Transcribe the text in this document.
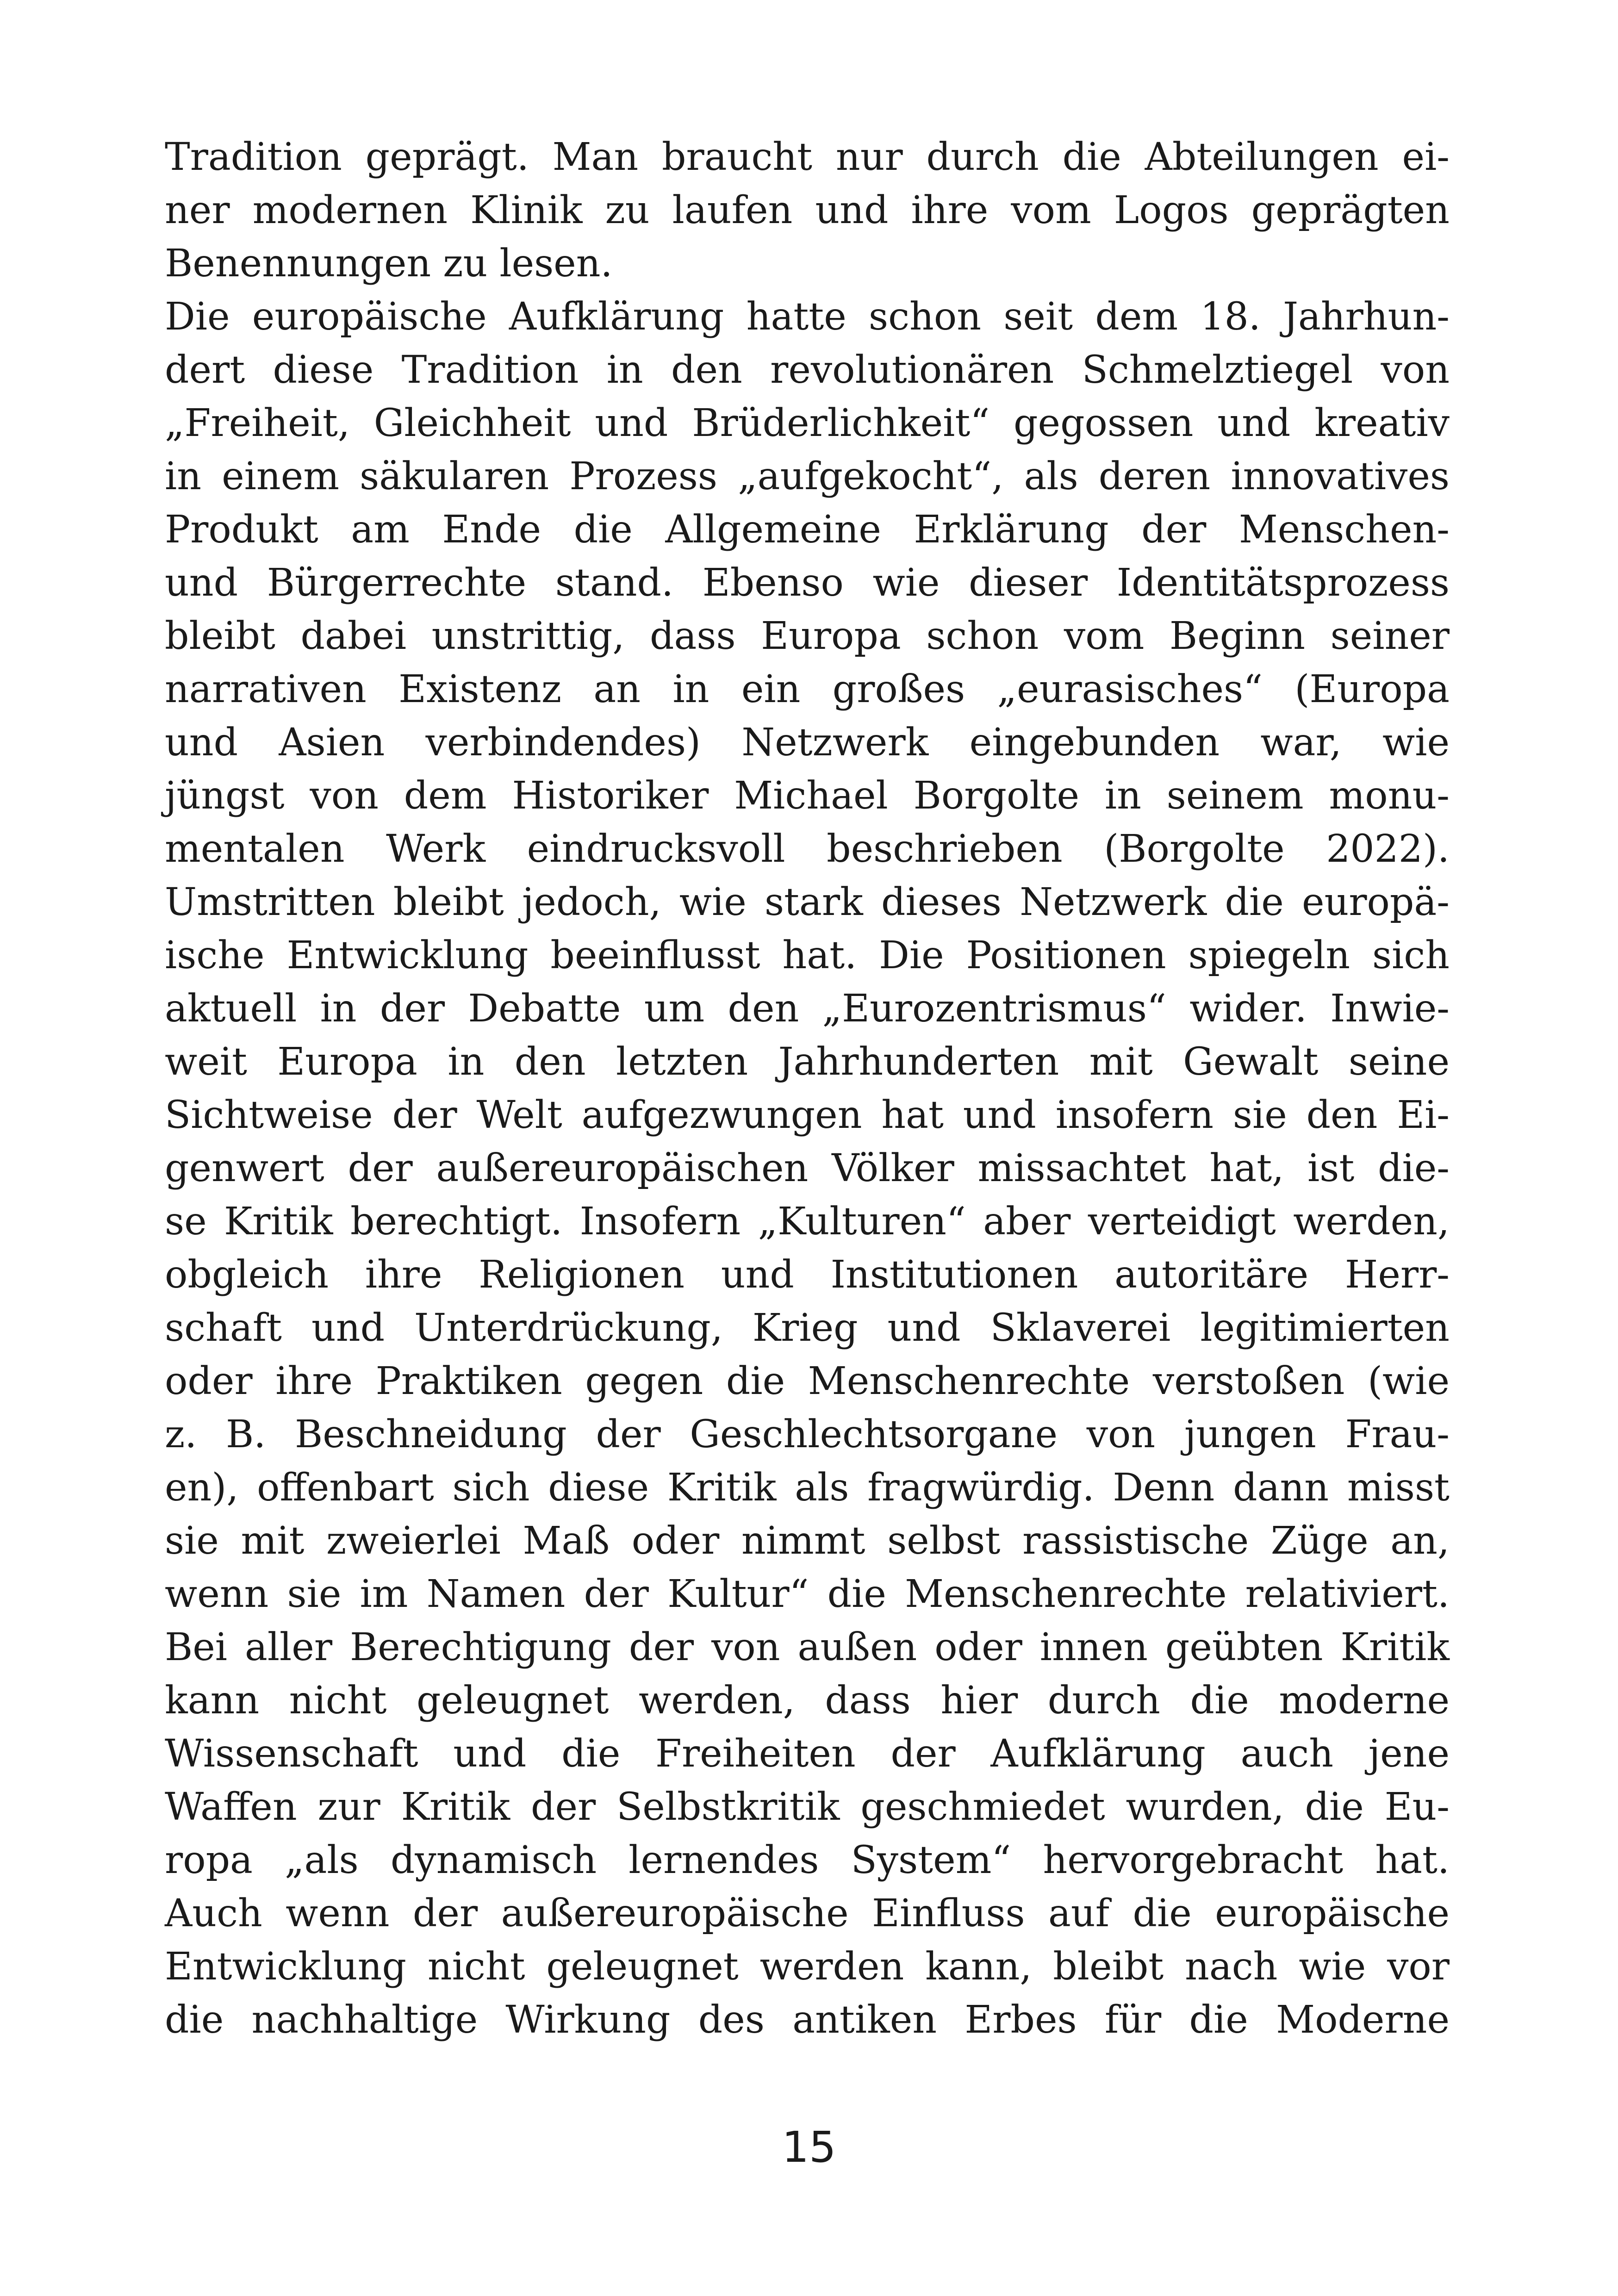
Tradition geprägt. Man braucht nur durch die Abteilungen ei-
ner modernen Klinik zu laufen und ihre vom Logos geprägten
Benennungen zu lesen.
Die europäische Aufklärung hatte schon seit dem 18. Jahrhun-
dert diese Tradition in den revolutionären Schmelztiegel von
„Freiheit, Gleichheit und Brüderlichkeit“ gegossen und kreativ
in einem säkularen Prozess „aufgekocht“, als deren innovatives
Produkt am Ende die Allgemeine Erklärung der Menschen-
und Bürgerrechte stand. Ebenso wie dieser Identitätsprozess
bleibt dabei unstrittig, dass Europa schon vom Beginn seiner
narrativen Existenz an in ein großes „eurasisches“ (Europa
und Asien verbindendes) Netzwerk eingebunden war, wie
jüngst von dem Historiker Michael Borgolte in seinem monu-
mentalen Werk eindrucksvoll beschrieben (Borgolte 2022).
Umstritten bleibt jedoch, wie stark dieses Netzwerk die europä-
ische Entwicklung beeinflusst hat. Die Positionen spiegeln sich
aktuell in der Debatte um den „Eurozentrismus“ wider. Inwie-
weit Europa in den letzten Jahrhunderten mit Gewalt seine
Sichtweise der Welt aufgezwungen hat und insofern sie den Ei-
genwert der außereuropäischen Völker missachtet hat, ist die-
se Kritik berechtigt. Insofern „Kulturen“ aber verteidigt werden,
obgleich ihre Religionen und Institutionen autoritäre Herr-
schaft und Unterdrückung, Krieg und Sklaverei legitimierten
oder ihre Praktiken gegen die Menschenrechte verstoßen (wie
z. B. Beschneidung der Geschlechtsorgane von jungen Frau-
en), offenbart sich diese Kritik als fragwürdig. Denn dann misst
sie mit zweierlei Maß oder nimmt selbst rassistische Züge an,
wenn sie im Namen der Kultur“ die Menschenrechte relativiert.
Bei aller Berechtigung der von außen oder innen geübten Kritik
kann nicht geleugnet werden, dass hier durch die moderne
Wissenschaft und die Freiheiten der Aufklärung auch jene
Waffen zur Kritik der Selbstkritik geschmiedet wurden, die Eu-
ropa „als dynamisch lernendes System“ hervorgebracht hat.
Auch wenn der außereuropäische Einfluss auf die europäische
Entwicklung nicht geleugnet werden kann, bleibt nach wie vor
die nachhaltige Wirkung des antiken Erbes für die Moderne
15
